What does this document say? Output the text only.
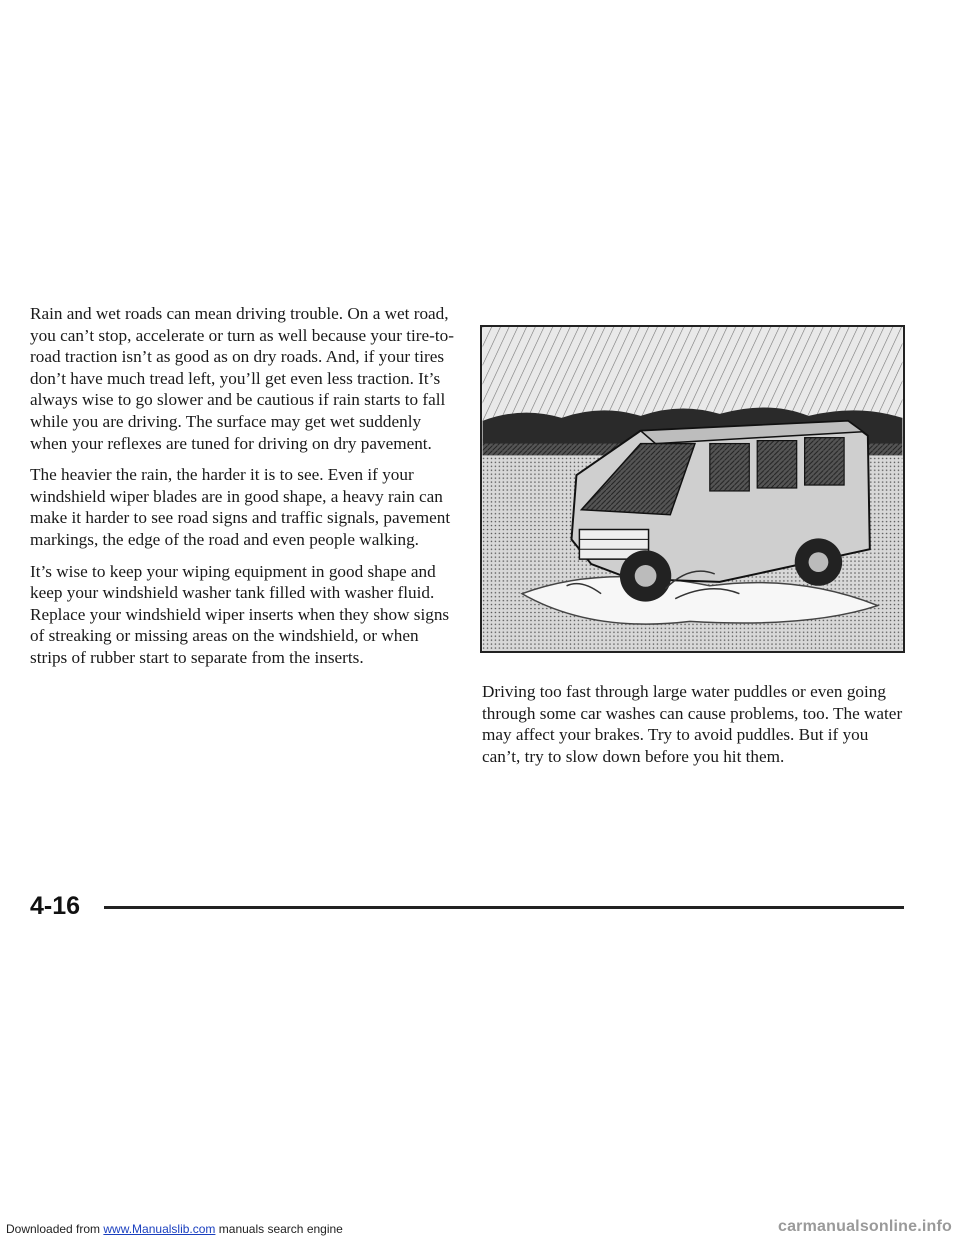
Rain and wet roads can mean driving trouble. On a wet road, you can’t stop, accelerate or turn as well because your tire-to-road traction isn’t as good as on dry roads. And, if your tires don’t have much tread left, you’ll get even less traction. It’s always wise to go slower and be cautious if rain starts to fall while you are driving. The surface may get wet suddenly when your reflexes are tuned for driving on dry pavement.

The heavier the rain, the harder it is to see. Even if your windshield wiper blades are in good shape, a heavy rain can make it harder to see road signs and traffic signals, pavement markings, the edge of the road and even people walking.

It’s wise to keep your wiping equipment in good shape and keep your windshield washer tank filled with washer fluid. Replace your windshield wiper inserts when they show signs of streaking or missing areas on the windshield, or when strips of rubber start to separate from the inserts.

Driving too fast through large water puddles or even going through some car washes can cause problems, too. The water may affect your brakes. Try to avoid puddles. But if you can’t, try to slow down before you hit them.

4-16
Downloaded from www.Manualslib.com manuals search engine	carmanualsonline.info
